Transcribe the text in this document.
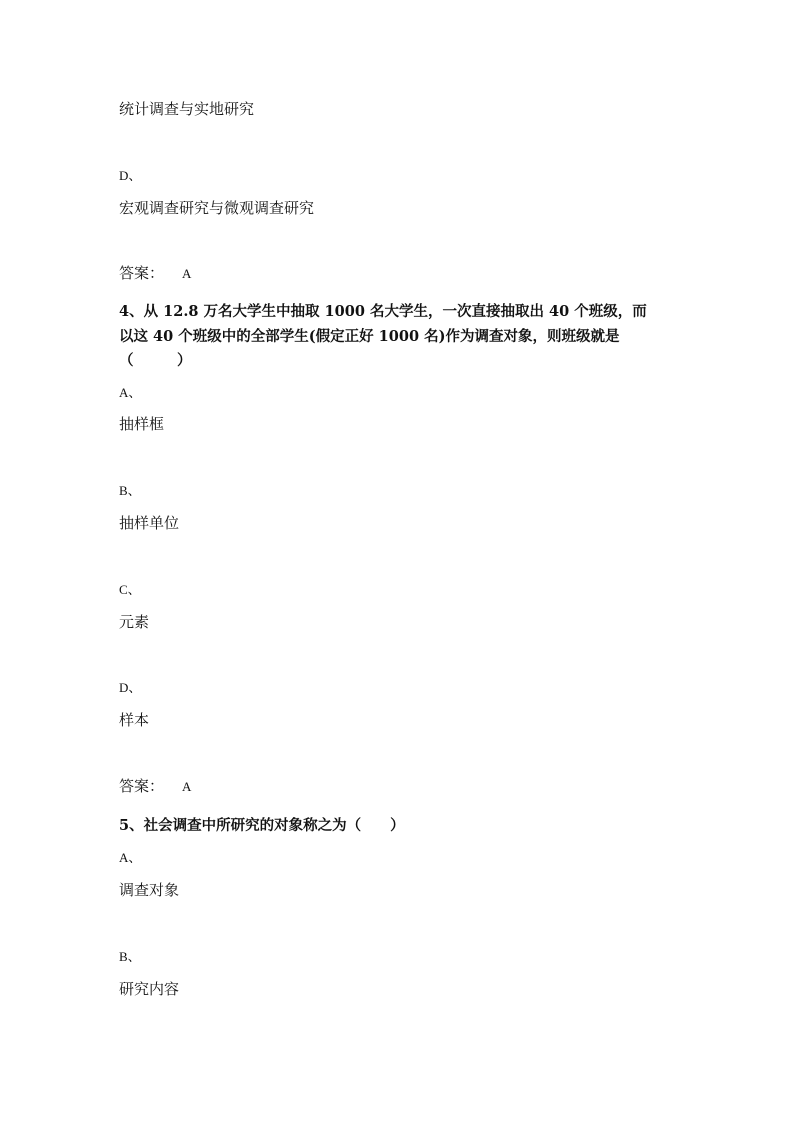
统计调查与实地研究
D、
宏观调查研究与微观调查研究
答案： A
4、从 12.8 万名大学生中抽取 1000 名大学生，一次直接抽取出 40 个班级，而
以这 40 个班级中的全部学生(假定正好 1000 名)作为调查对象，则班级就是
（　　　）
A、
抽样框
B、
抽样单位
C、
元素
D、
样本
答案： A
5、社会调查中所研究的对象称之为（　　）
A、
调查对象
B、
研究内容
